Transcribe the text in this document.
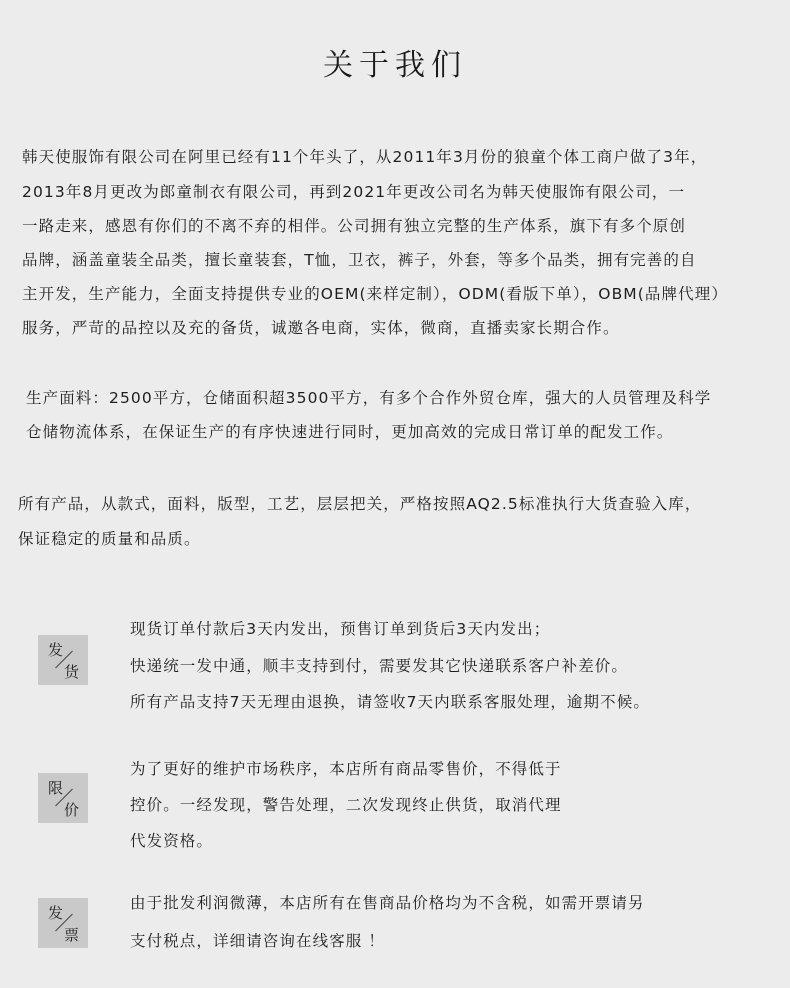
关于我们
韩天使服饰有限公司在阿里已经有11个年头了，从2011年3月份的狼童个体工商户做了3年，
2013年8月更改为郎童制衣有限公司，再到2021年更改公司名为韩天使服饰有限公司，一
一路走来，感恩有你们的不离不弃的相伴。公司拥有独立完整的生产体系，旗下有多个原创
品牌，涵盖童装全品类，擅长童装套，T恤，卫衣，裤子，外套，等多个品类，拥有完善的自
主开发，生产能力，全面支持提供专业的OEM(来样定制），ODM(看版下单），OBM(品牌代理）
服务，严苛的品控以及充的备货，诚邀各电商，实体，微商，直播卖家长期合作。
生产面料：2500平方，仓储面积超3500平方，有多个合作外贸仓库，强大的人员管理及科学
仓储物流体系，在保证生产的有序快速进行同时，更加高效的完成日常订单的配发工作。
所有产品，从款式，面料，版型，工艺，层层把关，严格按照AQ2.5标准执行大货查验入库，
保证稳定的质量和品质。
发
货
现货订单付款后3天内发出，预售订单到货后3天内发出；
快递统一发中通，顺丰支持到付，需要发其它快递联系客户补差价。
所有产品支持7天无理由退换，请签收7天内联系客服处理，逾期不候。
限
价
为了更好的维护市场秩序，本店所有商品零售价，不得低于
控价。一经发现，警告处理，二次发现终止供货，取消代理
代发资格。
发
票
由于批发利润微薄，本店所有在售商品价格均为不含税，如需开票请另
支付税点，详细请咨询在线客服 ！
